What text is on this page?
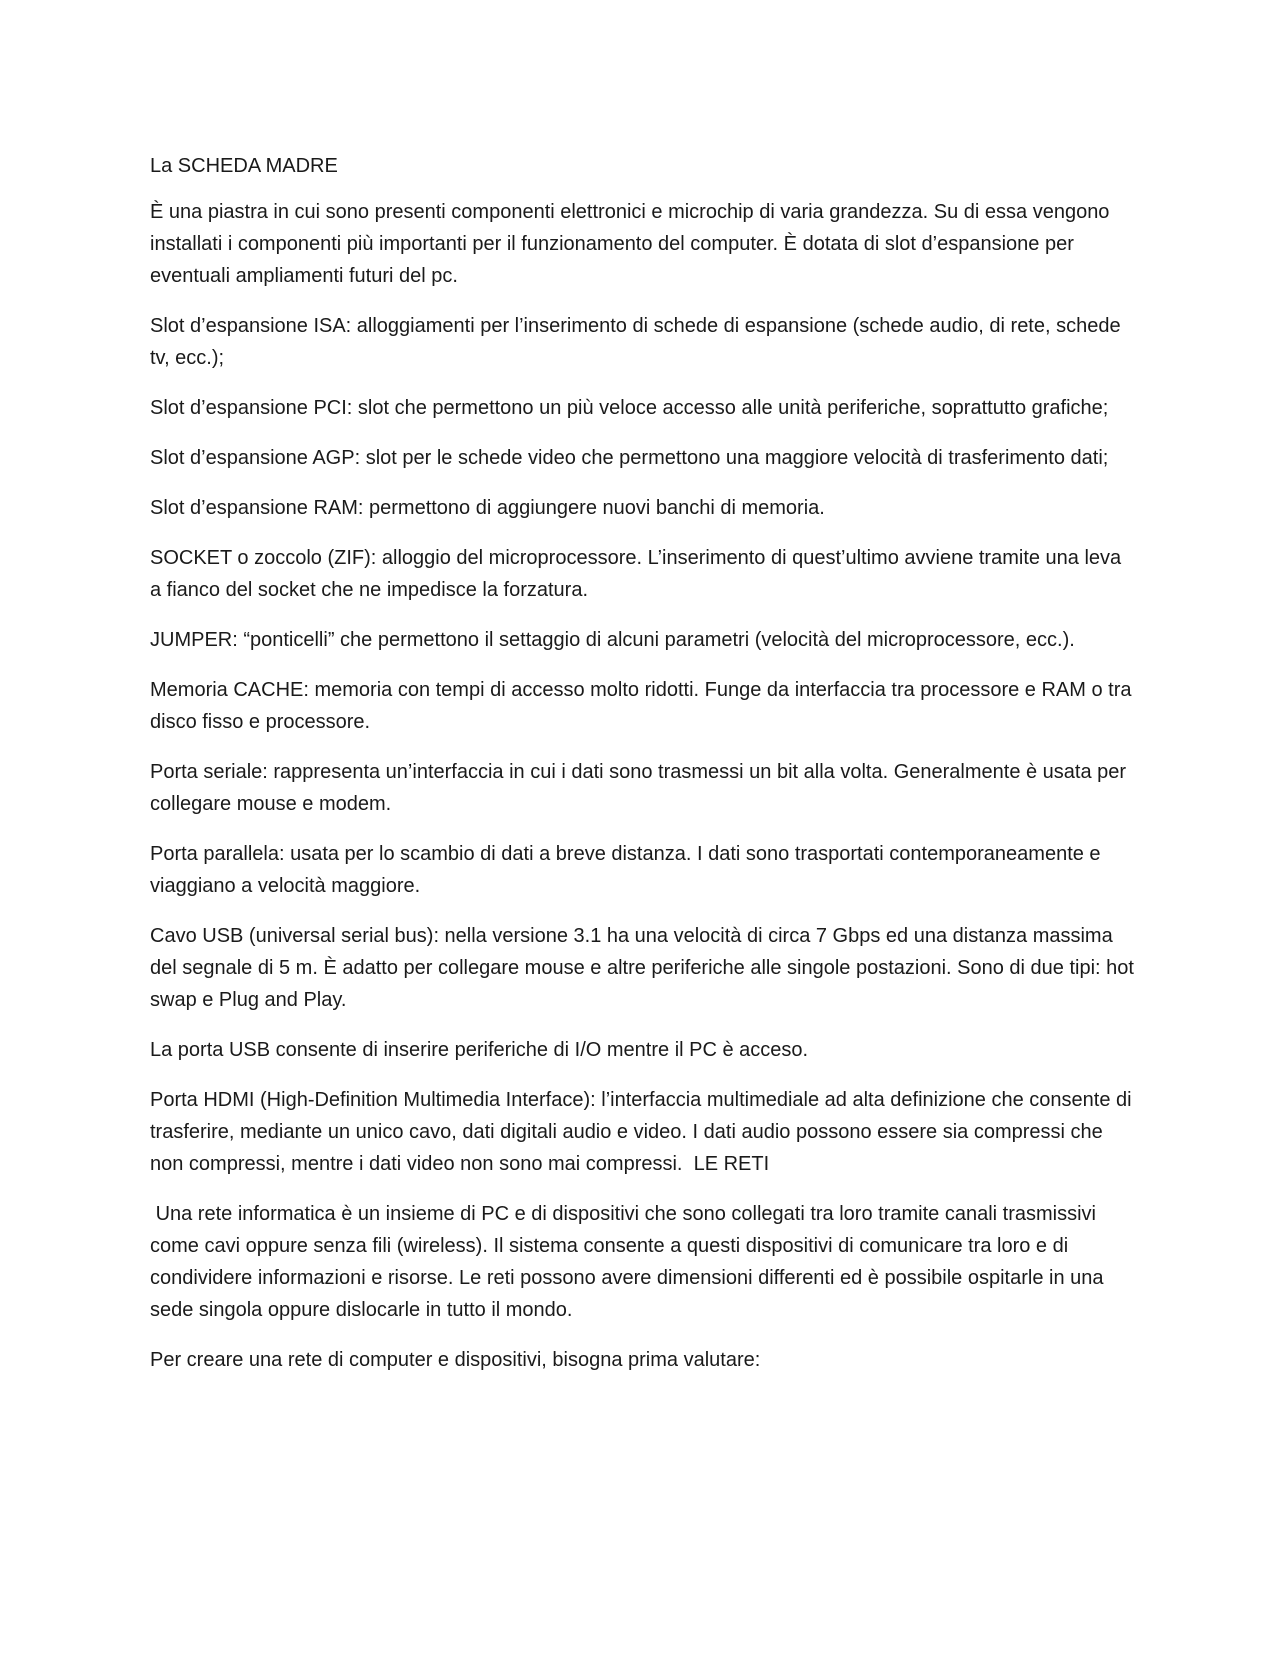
La SCHEDA MADRE

È una piastra in cui sono presenti componenti elettronici e microchip di varia grandezza. Su di essa vengono installati i componenti più importanti per il funzionamento del computer. È dotata di slot d’espansione per eventuali ampliamenti futuri del pc.

Slot d’espansione ISA: alloggiamenti per l’inserimento di schede di espansione (schede audio, di rete, schede tv, ecc.);

Slot d’espansione PCI: slot che permettono un più veloce accesso alle unità periferiche, soprattutto grafiche;

Slot d’espansione AGP: slot per le schede video che permettono una maggiore velocità di trasferimento dati;

Slot d’espansione RAM: permettono di aggiungere nuovi banchi di memoria.

SOCKET o zoccolo (ZIF): alloggio del microprocessore. L’inserimento di quest’ultimo avviene tramite una leva a fianco del socket che ne impedisce la forzatura.

JUMPER: “ponticelli” che permettono il settaggio di alcuni parametri (velocità del microprocessore, ecc.).

Memoria CACHE: memoria con tempi di accesso molto ridotti. Funge da interfaccia tra processore e RAM o tra disco fisso e processore.

Porta seriale: rappresenta un’interfaccia in cui i dati sono trasmessi un bit alla volta. Generalmente è usata per collegare mouse e modem.

Porta parallela: usata per lo scambio di dati a breve distanza. I dati sono trasportati contemporaneamente e viaggiano a velocità maggiore.

Cavo USB (universal serial bus): nella versione 3.1 ha una velocità di circa 7 Gbps ed una distanza massima del segnale di 5 m. È adatto per collegare mouse e altre periferiche alle singole postazioni. Sono di due tipi: hot swap e Plug and Play.

La porta USB consente di inserire periferiche di I/O mentre il PC è acceso.

Porta HDMI (High-Definition Multimedia Interface): l’interfaccia multimediale ad alta definizione che consente di trasferire, mediante un unico cavo, dati digitali audio e video. I dati audio possono essere sia compressi che non compressi, mentre i dati video non sono mai compressi.  LE RETI

Una rete informatica è un insieme di PC e di dispositivi che sono collegati tra loro tramite canali trasmissivi come cavi oppure senza fili (wireless). Il sistema consente a questi dispositivi di comunicare tra loro e di condividere informazioni e risorse. Le reti possono avere dimensioni differenti ed è possibile ospitarle in una sede singola oppure dislocarle in tutto il mondo.

Per creare una rete di computer e dispositivi, bisogna prima valutare:
